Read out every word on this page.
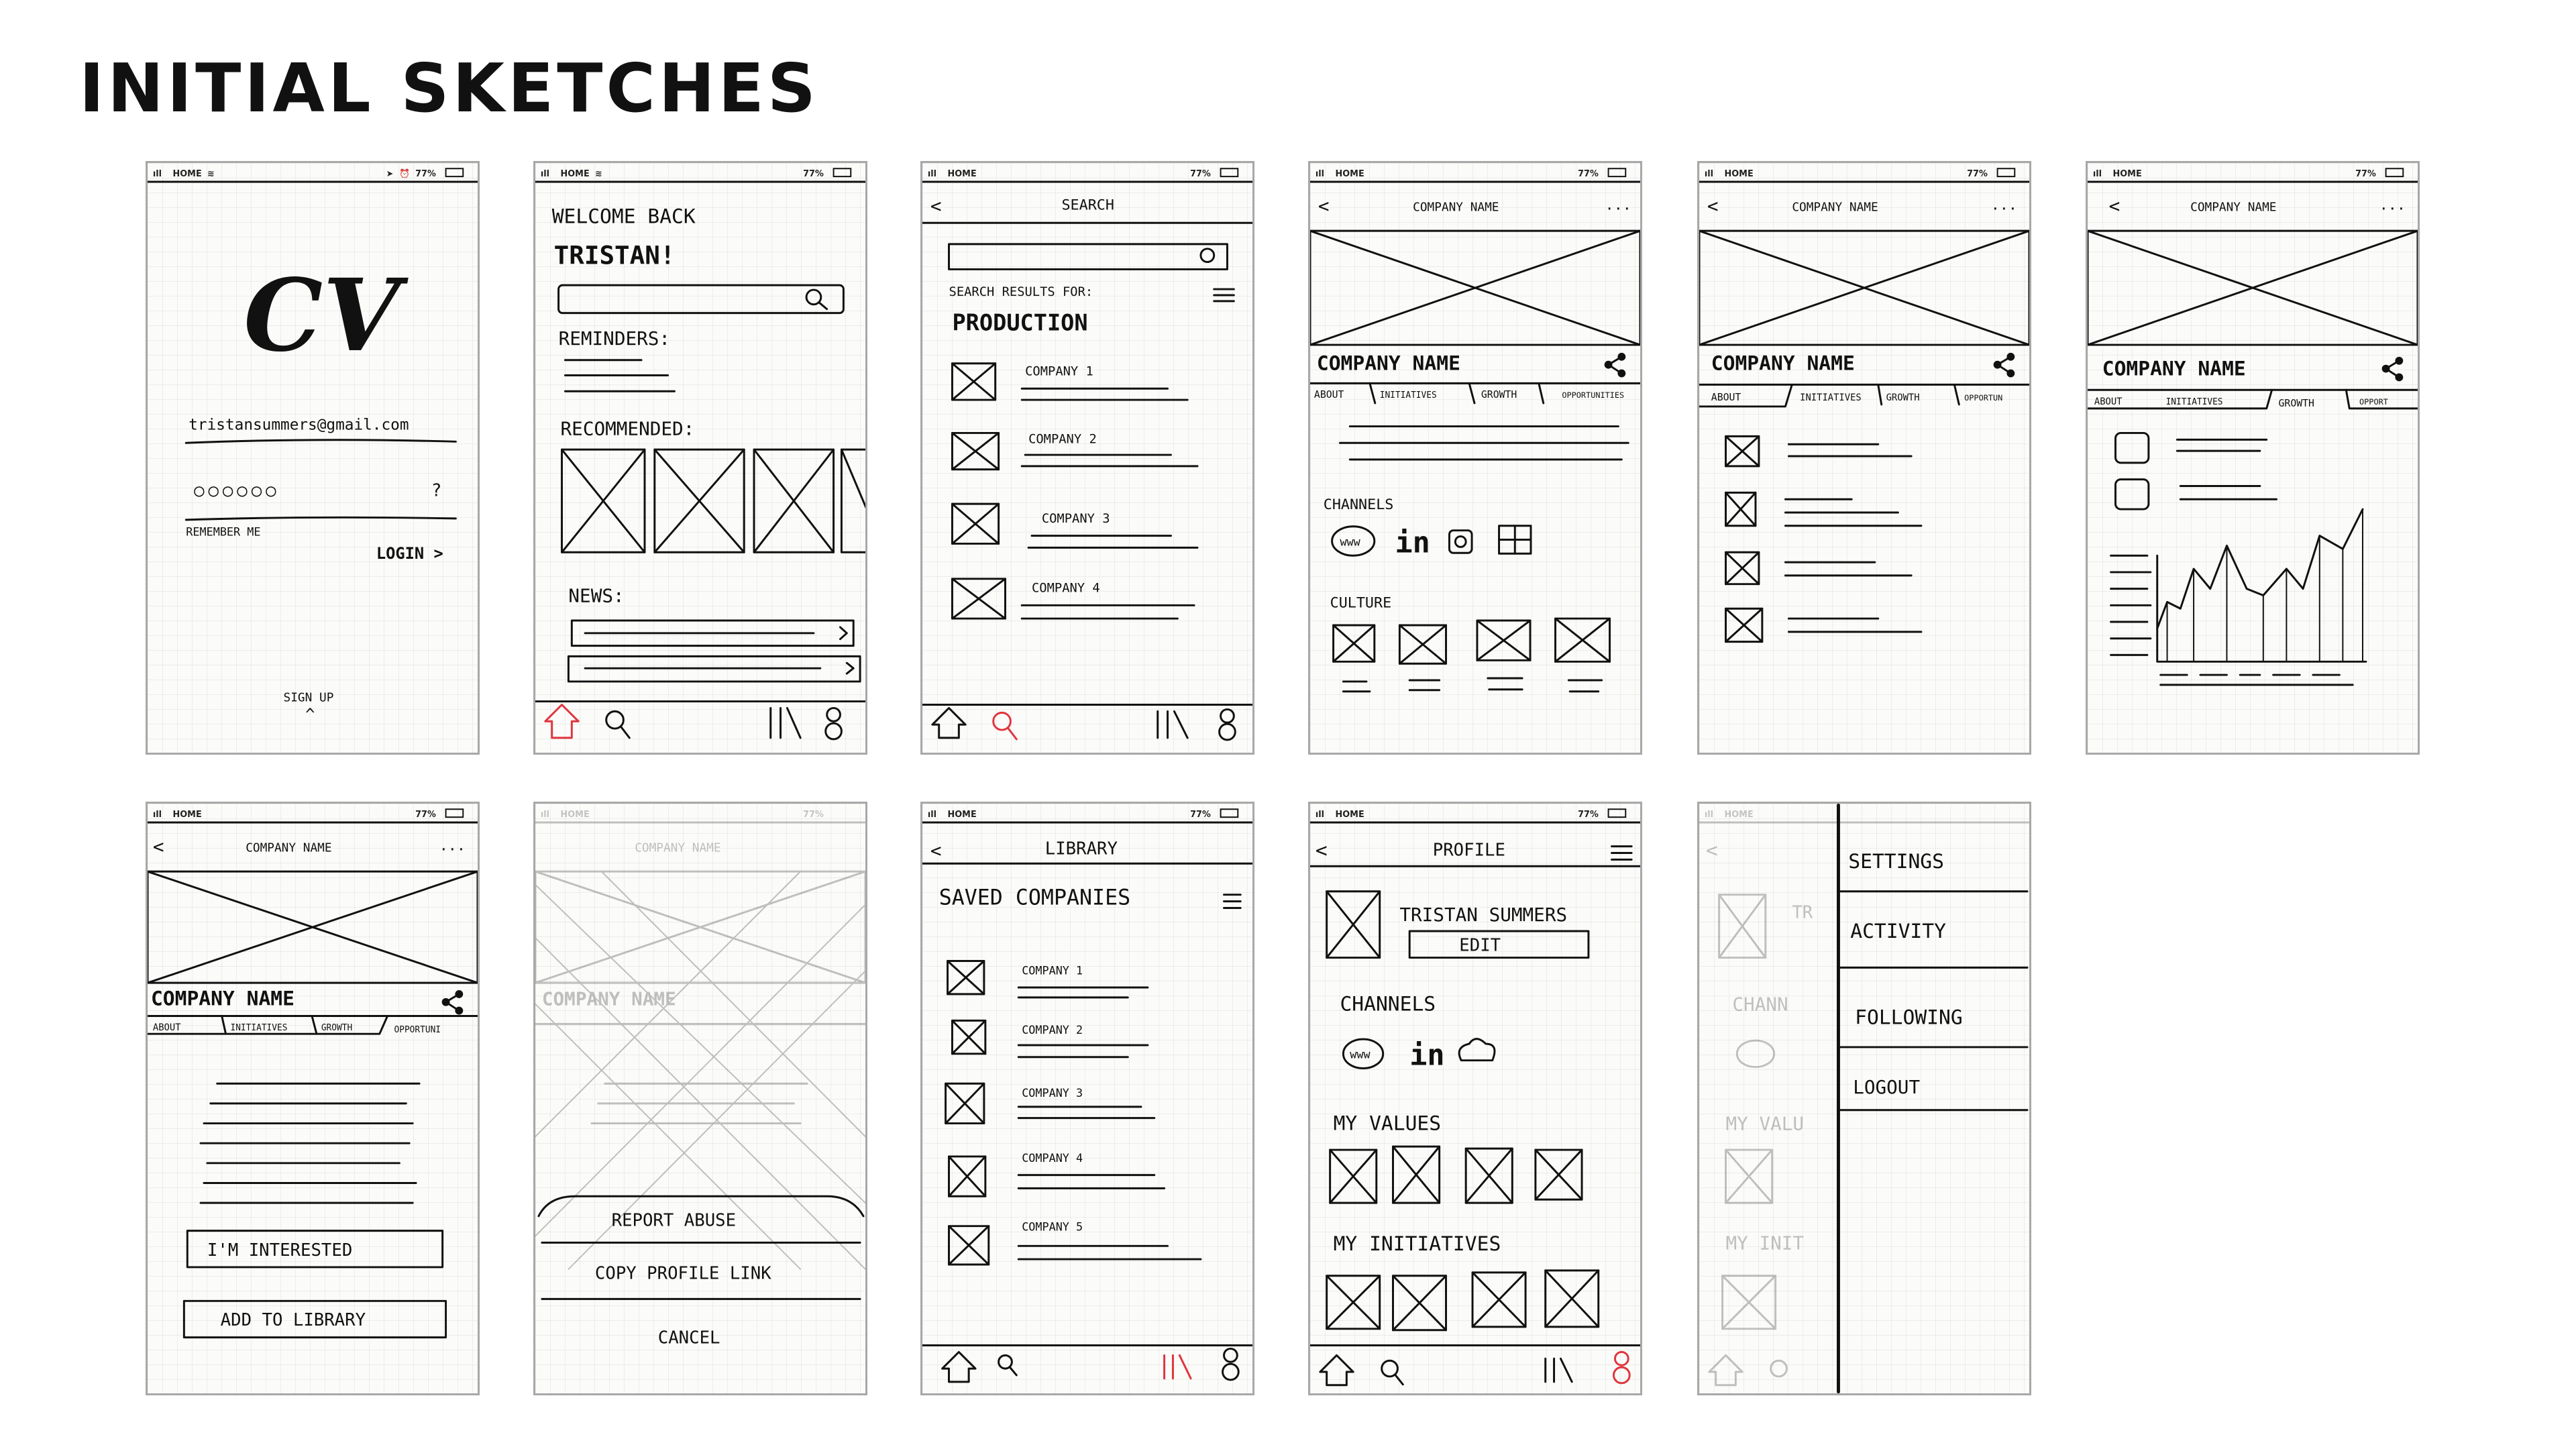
INITIAL SKETCHES
ıll HOME ≋	➤ ⏰ 77%
CV
tristansummers@gmail.com
○○○○○○	?
REMEMBER ME
LOGIN >
SIGN UP
^
ıll HOME ≋	77%
WELCOME BACK
TRISTAN!
REMINDERS:
RECOMMENDED:
NEWS:
ıll HOME	77%
<	SEARCH
SEARCH RESULTS FOR:
PRODUCTION
COMPANY 1
COMPANY 2
COMPANY 3
COMPANY 4
ıll HOME	77%
<	COMPANY NAME	...
COMPANY NAME
ABOUT	INITIATIVES	GROWTH	OPPORTUNITIES
CHANNELS
www in
CULTURE
ıll HOME	77%
<	COMPANY NAME	...
COMPANY NAME
ABOUT	INITIATIVES	GROWTH	OPPORTUN
ıll HOME	77%
<	COMPANY NAME	...
COMPANY NAME
ABOUT	INITIATIVES	GROWTH	OPPORT
ıll HOME	77%
<	COMPANY NAME	...
COMPANY NAME
ABOUT	INITIATIVES	GROWTH	OPPORTUNI
I'M INTERESTED
ADD TO LIBRARY
ıll HOME	77%
COMPANY NAME
COMPANY NAME
REPORT ABUSE
COPY PROFILE LINK
CANCEL
ıll HOME	77%
<	LIBRARY
SAVED COMPANIES
COMPANY 1
COMPANY 2
COMPANY 3
COMPANY 4
COMPANY 5
ıll HOME	77%
<	PROFILE
TRISTAN SUMMERS
EDIT
CHANNELS
www in
MY VALUES
MY INITIATIVES
ıll HOME
<
TR
CHANN
MY VALU
MY INIT
SETTINGS
ACTIVITY
FOLLOWING
LOGOUT
